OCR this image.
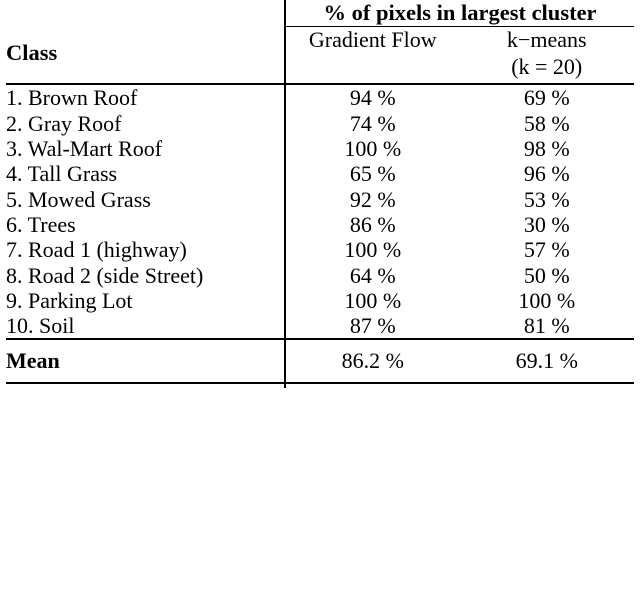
	% of pixels in largest cluster	
Class	Gradient Flow	k−means
(k = 20)

1. Brown Roof	94 %	69 %
2. Gray Roof	74 %	58 %
3. Wal-Mart Roof	100 %	98 %
4. Tall Grass	65 %	96 %
5. Mowed Grass	92 %	53 %
6. Trees	86 %	30 %
7. Road 1 (highway)	100 %	57 %
8. Road 2 (side Street)	64 %	50 %
9. Parking Lot	100 %	100 %
10. Soil	87 %	81 %
Mean	86.2 %	69.1 %
